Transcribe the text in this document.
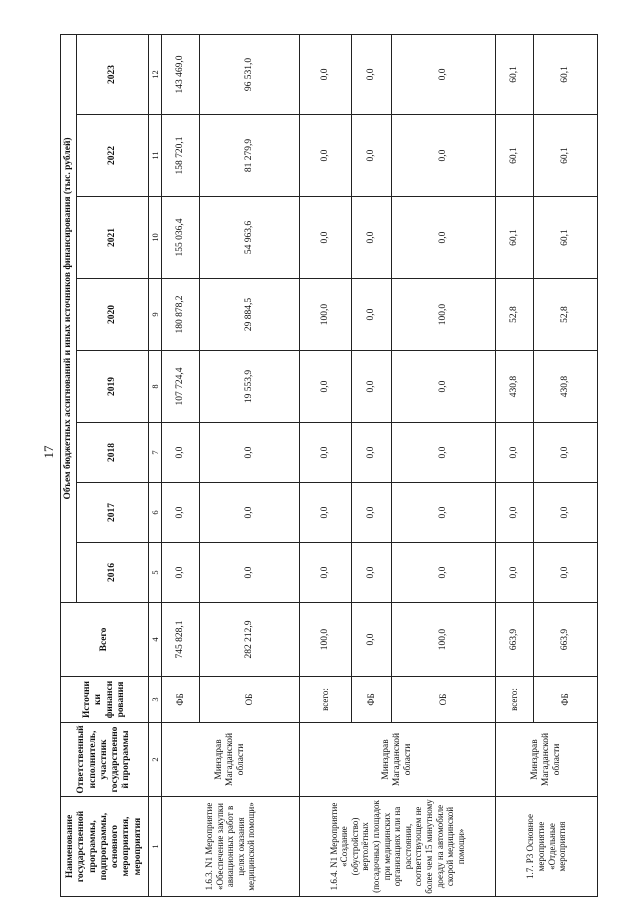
17
Наименование государственной программы, подпрограммы, основного мероприятия, мероприятия	Ответственный исполнитель, участник государственной программы	Источники финансирования	Всего	Объем бюджетных ассигнований и иных источников финансирования (тыс. рублей)							
				2016	2017	2018	2019	2020	2021	2022	2023
1	2	3	4	5	6	7	8	9	10	11	12
1.6.3. N1 Мероприятие «Обеспечение закупки авиационных работ в целях оказания медицинской помощи»	Минздрав Магаданской области	ФБ	745 828,1	0,0	0,0	0,0	107 724,4	180 878,2	155 036,4	158 720,1	143 469,0
		ОБ	282 212,9	0,0	0,0	0,0	19 553,9	29 884,5	54 963,6	81 279,9	96 531,0
1.6.4. N1 Мероприятие «Создание (обустройство) вертолётных (посадочных) площадок при медицинских организациях или на расстоянии, соответствующем не более чем 15 минутному доезду на автомобиле скорой медицинской помощи»	Минздрав Магаданской области	всего:	100,0	0,0	0,0	0,0	0,0	100,0	0,0	0,0	0,0
		ФБ	0,0	0,0	0,0	0,0	0,0	0,0	0,0	0,0	0,0
		ОБ	100,0	0,0	0,0	0,0	0,0	100,0	0,0	0,0	0,0
1.7. Р3 Основное мероприятие «Отдельные мероприятия	Минздрав Магаданской области	всего:	663,9	0,0	0,0	0,0	430,8	52,8	60,1	60,1	60,1
		ФБ	663,9	0,0	0,0	0,0	430,8	52,8	60,1	60,1	60,1
